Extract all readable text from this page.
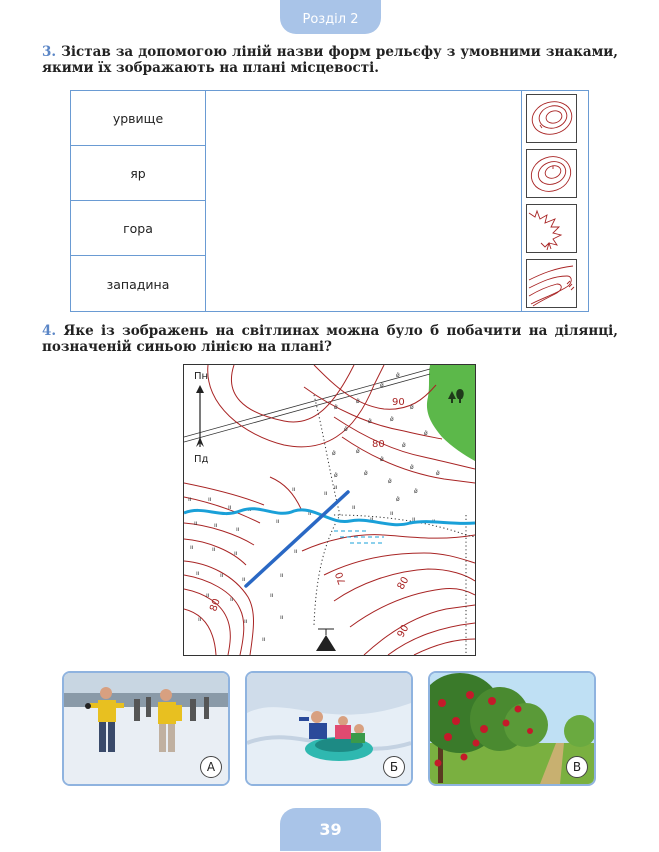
Розділ 2
3. Зістав за допомогою ліній назви форм рельєфу з умовними знаками, якими їх зображають на плані місцевості.
урвище
яр
гора
западина
4. Яке із зображень на світлинах можна було б побачити на ділянці, позначеній синьою лінією на плані?
90
80
80
70	80
90
ıı	ıı
ıı	ıı
ıı	ıı	ıı
ıı
ıı	ıı	ıı	ıı
ıı	ıı	ıı	ıı
ıı	ıı	ıı
ıı
ıı
ıı
ıı
ıı
ıı
ıı
ıı	ıı
ıı
ıı
ıı
ıı
ǿ
ǿ
ǿ
ǿ
ǿ
ǿ	ǿ
ǿ
ǿ
ǿ
ǿ
ǿ
ǿ
ǿ
ǿ
ǿ
ǿ
ǿ
ǿ	ǿ
Пн
Пд
А	Б	В
39
